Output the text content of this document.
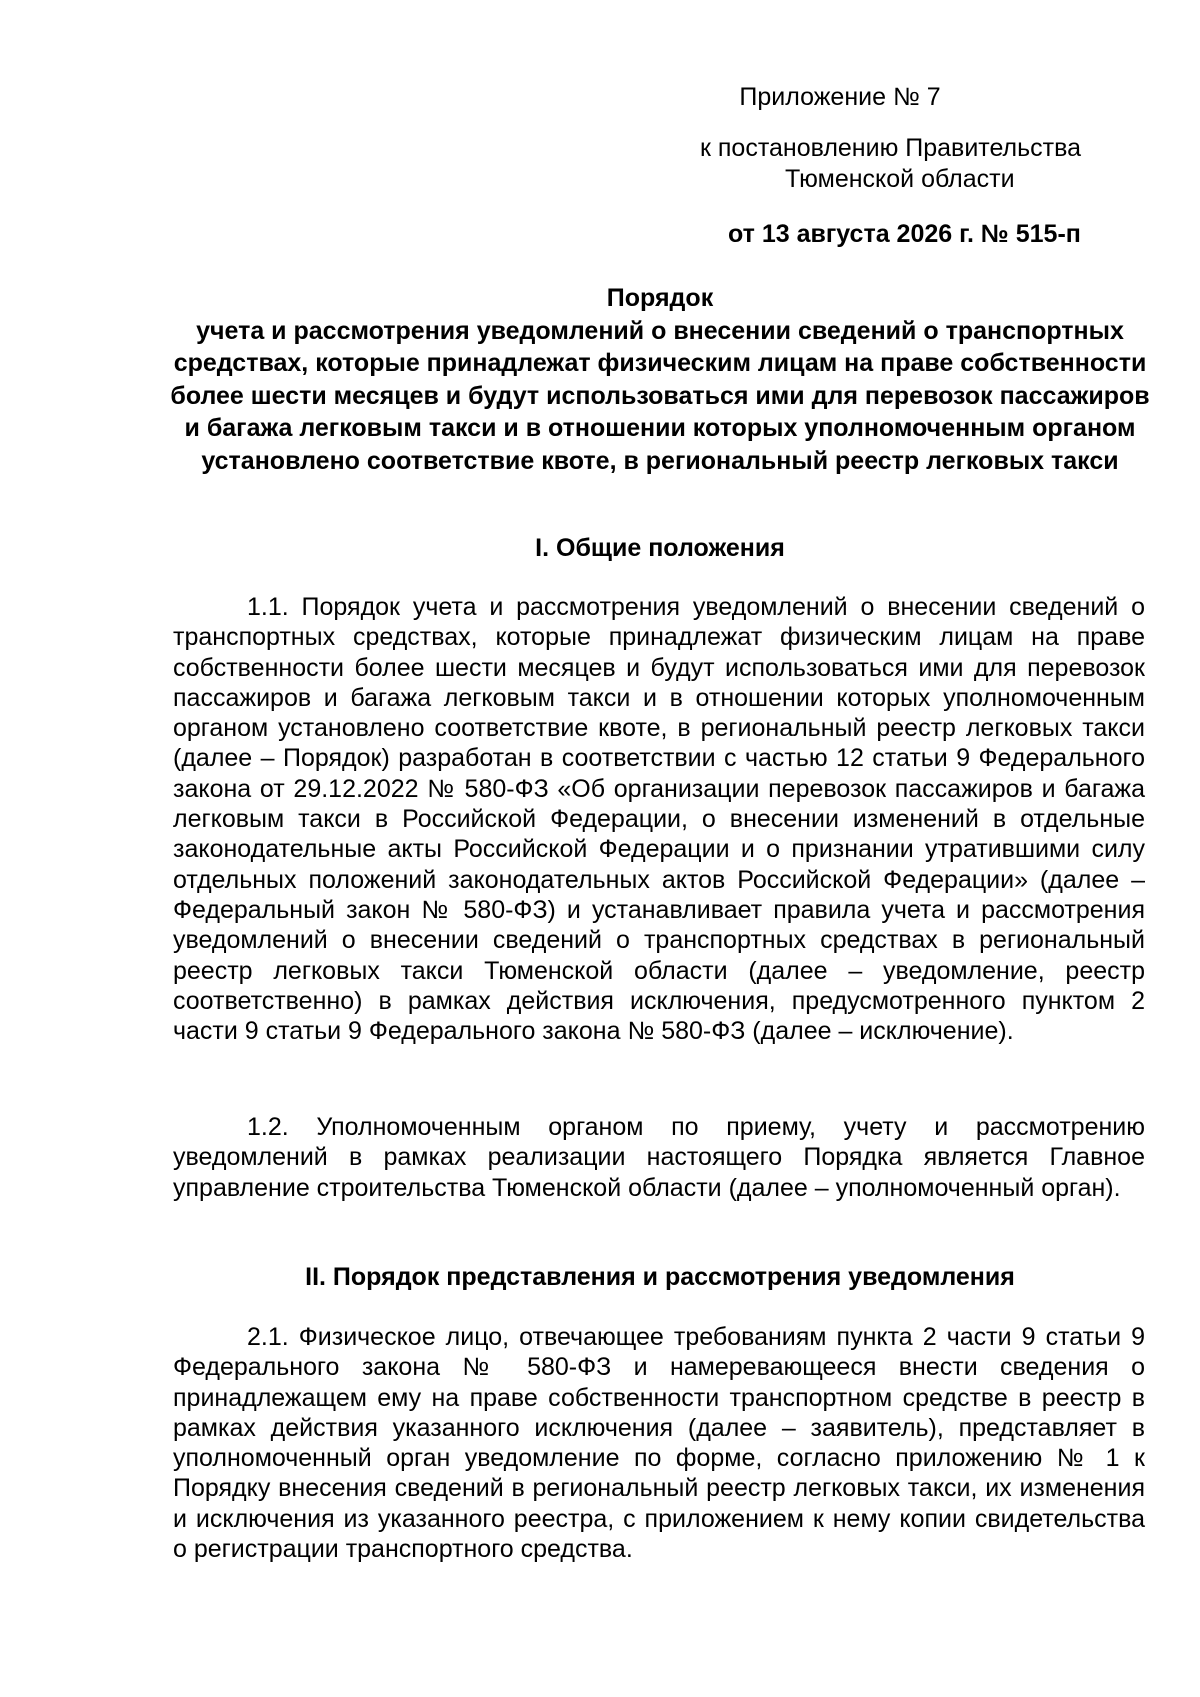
Приложение № 7
к постановлению Правительства
Тюменской области
от 13 августа 2026 г. № 515-п
Порядок
учета и рассмотрения уведомлений о внесении сведений о транспортных средствах, которые принадлежат физическим лицам на праве собственности более шести месяцев и будут использоваться ими для перевозок пассажиров и багажа легковым такси и в отношении которых уполномоченным органом установлено соответствие квоте, в региональный реестр легковых такси
I. Общие положения

1.1. Порядок учета и рассмотрения уведомлений о внесении сведений о транспортных средствах, которые принадлежат физическим лицам на праве собственности более шести месяцев и будут использоваться ими для перевозок пассажиров и багажа легковым такси и в отношении которых уполномоченным органом установлено соответствие квоте, в региональный реестр легковых такси (далее – Порядок) разработан в соответствии с частью 12 статьи 9 Федерального закона от 29.12.2022 № 580-ФЗ «Об организации перевозок пассажиров и багажа легковым такси в Российской Федерации, о внесении изменений в отдельные законодательные акты Российской Федерации и о признании утратившими силу отдельных положений законодательных актов Российской Федерации» (далее – Федеральный закон № 580-ФЗ) и устанавливает правила учета и рассмотрения уведомлений о внесении сведений о транспортных средствах в региональный реестр легковых такси Тюменской области (далее – уведомление, реестр соответственно) в рамках действия исключения, предусмотренного пунктом 2 части 9 статьи 9 Федерального закона № 580-ФЗ (далее – исключение).

1.2. Уполномоченным органом по приему, учету и рассмотрению уведомлений в рамках реализации настоящего Порядка является Главное управление строительства Тюменской области (далее – уполномоченный орган).

II. Порядок представления и рассмотрения уведомления

2.1. Физическое лицо, отвечающее требованиям пункта 2 части 9 статьи 9 Федерального закона № 580-ФЗ и намеревающееся внести сведения о принадлежащем ему на праве собственности транспортном средстве в реестр в рамках действия указанного исключения (далее – заявитель), представляет в уполномоченный орган уведомление по форме, согласно приложению № 1 к Порядку внесения сведений в региональный реестр легковых такси, их изменения и исключения из указанного реестра, с приложением к нему копии свидетельства о регистрации транспортного средства.
